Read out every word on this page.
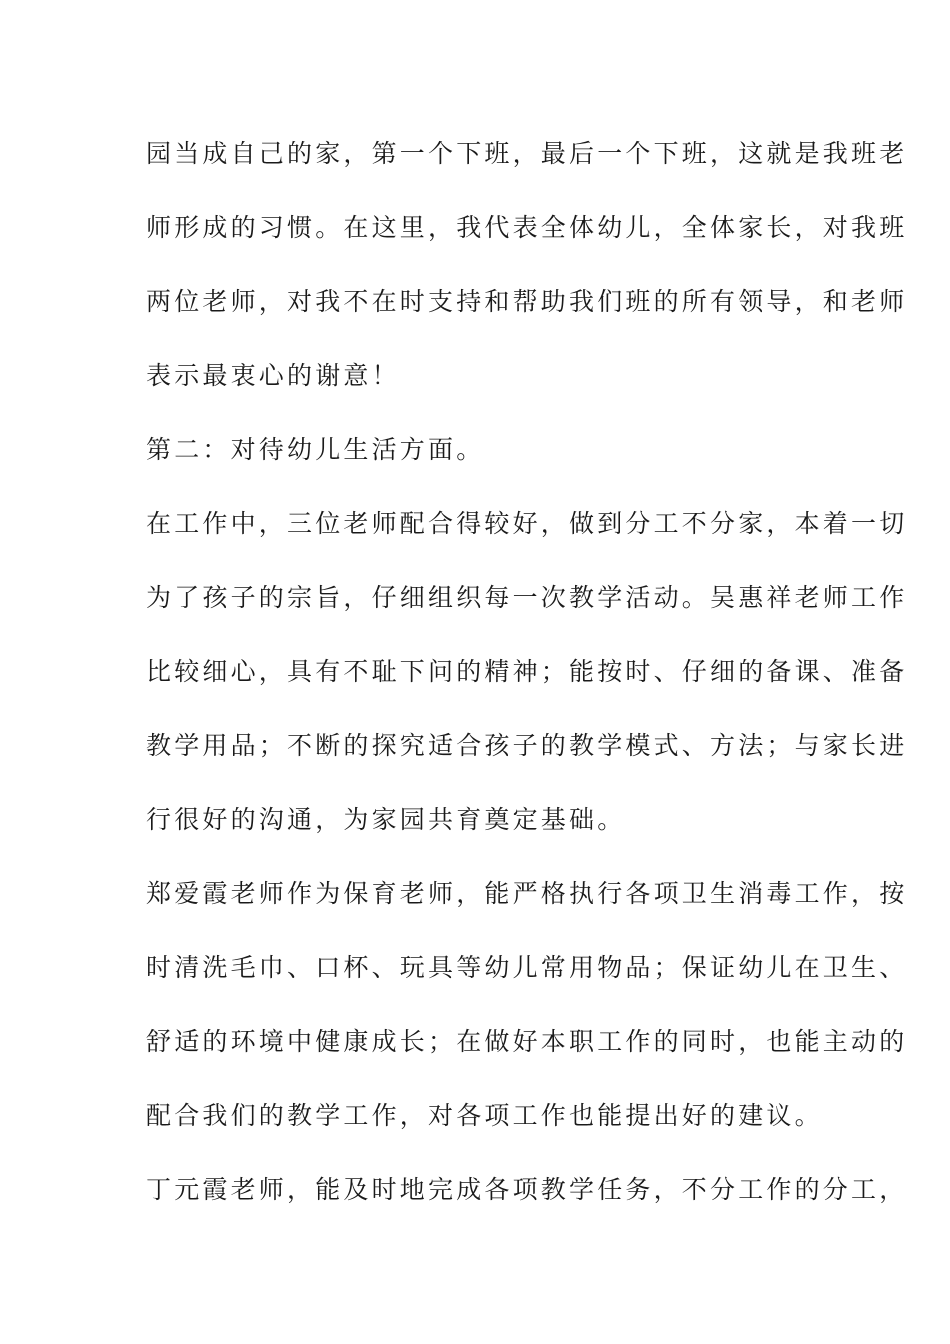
园当成自己的家，第一个下班，最后一个下班，这就是我班老
师形成的习惯。在这里，我代表全体幼儿，全体家长，对我班
两位老师，对我不在时支持和帮助我们班的所有领导，和老师
表示最衷心的谢意！
第二：对待幼儿生活方面。
在工作中，三位老师配合得较好，做到分工不分家，本着一切
为了孩子的宗旨，仔细组织每一次教学活动。吴惠祥老师工作
比较细心，具有不耻下问的精神；能按时、仔细的备课、准备
教学用品；不断的探究适合孩子的教学模式、方法；与家长进
行很好的沟通，为家园共育奠定基础。
郑爱霞老师作为保育老师，能严格执行各项卫生消毒工作，按
时清洗毛巾、口杯、玩具等幼儿常用物品；保证幼儿在卫生、
舒适的环境中健康成长；在做好本职工作的同时，也能主动的
配合我们的教学工作，对各项工作也能提出好的建议。
丁元霞老师，能及时地完成各项教学任务，不分工作的分工，
